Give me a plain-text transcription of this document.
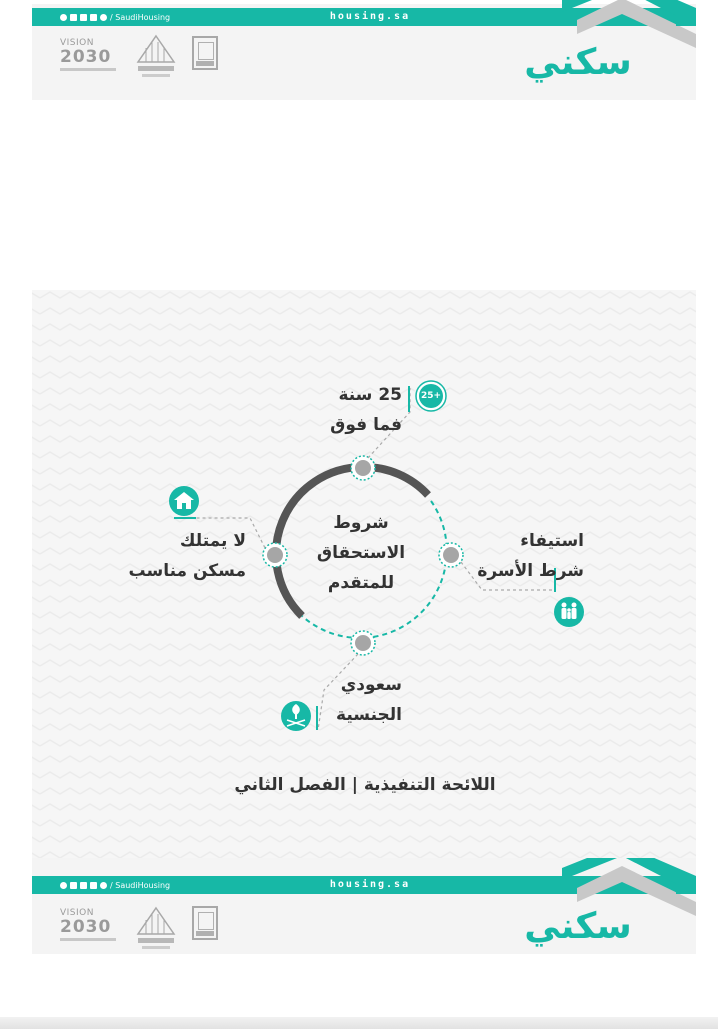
/ SaudiHousing	housing.sa
سكني
VISION
2030
25+
شروط
الاستحقاق
للمتقدم
25 سنة
فما فوق
استيفاء
شرط الأسرة
لا يمتلك
مسكن مناسب
سعودي
الجنسية
اللائحة التنفيذية | الفصل الثاني
/ SaudiHousing	housing.sa
سكني
VISION
2030
